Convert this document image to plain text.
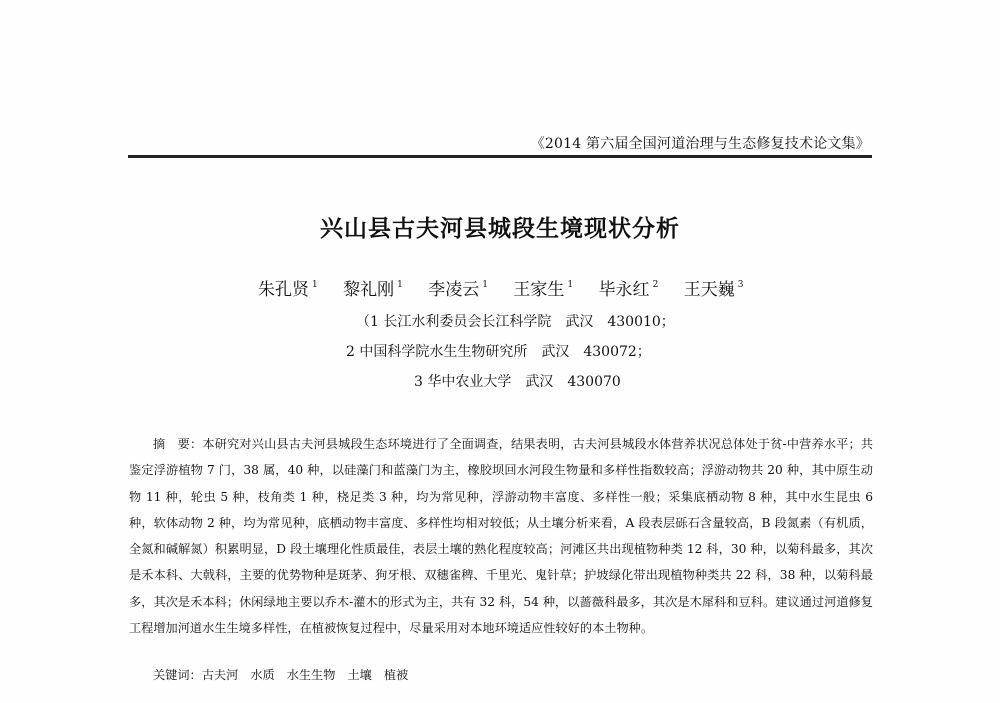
《2014 第六届全国河道治理与生态修复技术论文集》
兴山县古夫河县城段生境现状分析
朱孔贤 $^1$ 黎礼刚 $^1$ 李凌云 $^1$ 王家生 $^1$ 毕永红 $^2$ 王天巍 $^3$
（1 长江水利委员会长江科学院　武汉　430010；
2 中国科学院水生生物研究所　武汉　430072；
3 华中农业大学　武汉　430070

摘　要：本研究对兴山县古夫河县城段生态环境进行了全面调查，结果表明，古夫河县城段水体营养状况总体处于贫-中营养水平；共鉴定浮游植物 7 门，38 属，40 种，以硅藻门和蓝藻门为主，橡胶坝回水河段生物量和多样性指数较高；浮游动物共 20 种，其中原生动物 11 种，轮虫 5 种，枝角类 1 种，桡足类 3 种，均为常见种，浮游动物丰富度、多样性一般；采集底栖动物 8 种，其中水生昆虫 6 种，软体动物 2 种，均为常见种，底栖动物丰富度、多样性均相对较低；从土壤分析来看，A 段表层砾石含量较高，B 段氮素（有机质，全氮和碱解氮）积累明显，D 段土壤理化性质最佳，表层土壤的熟化程度较高；河滩区共出现植物种类 12 科，30 种，以菊科最多，其次是禾本科、大戟科，主要的优势物种是斑茅、狗牙根、双穗雀稗、千里光、鬼针草；护坡绿化带出现植物种类共 22 科，38 种，以菊科最多，其次是禾本科；休闲绿地主要以乔木-灌木的形式为主，共有 32 科，54 种，以蔷薇科最多，其次是木犀科和豆科。建议通过河道修复工程增加河道水生生境多样性，在植被恢复过程中，尽量采用对本地环境适应性较好的本土物种。

关键词：古夫河 水质 水生生物 土壤 植被
